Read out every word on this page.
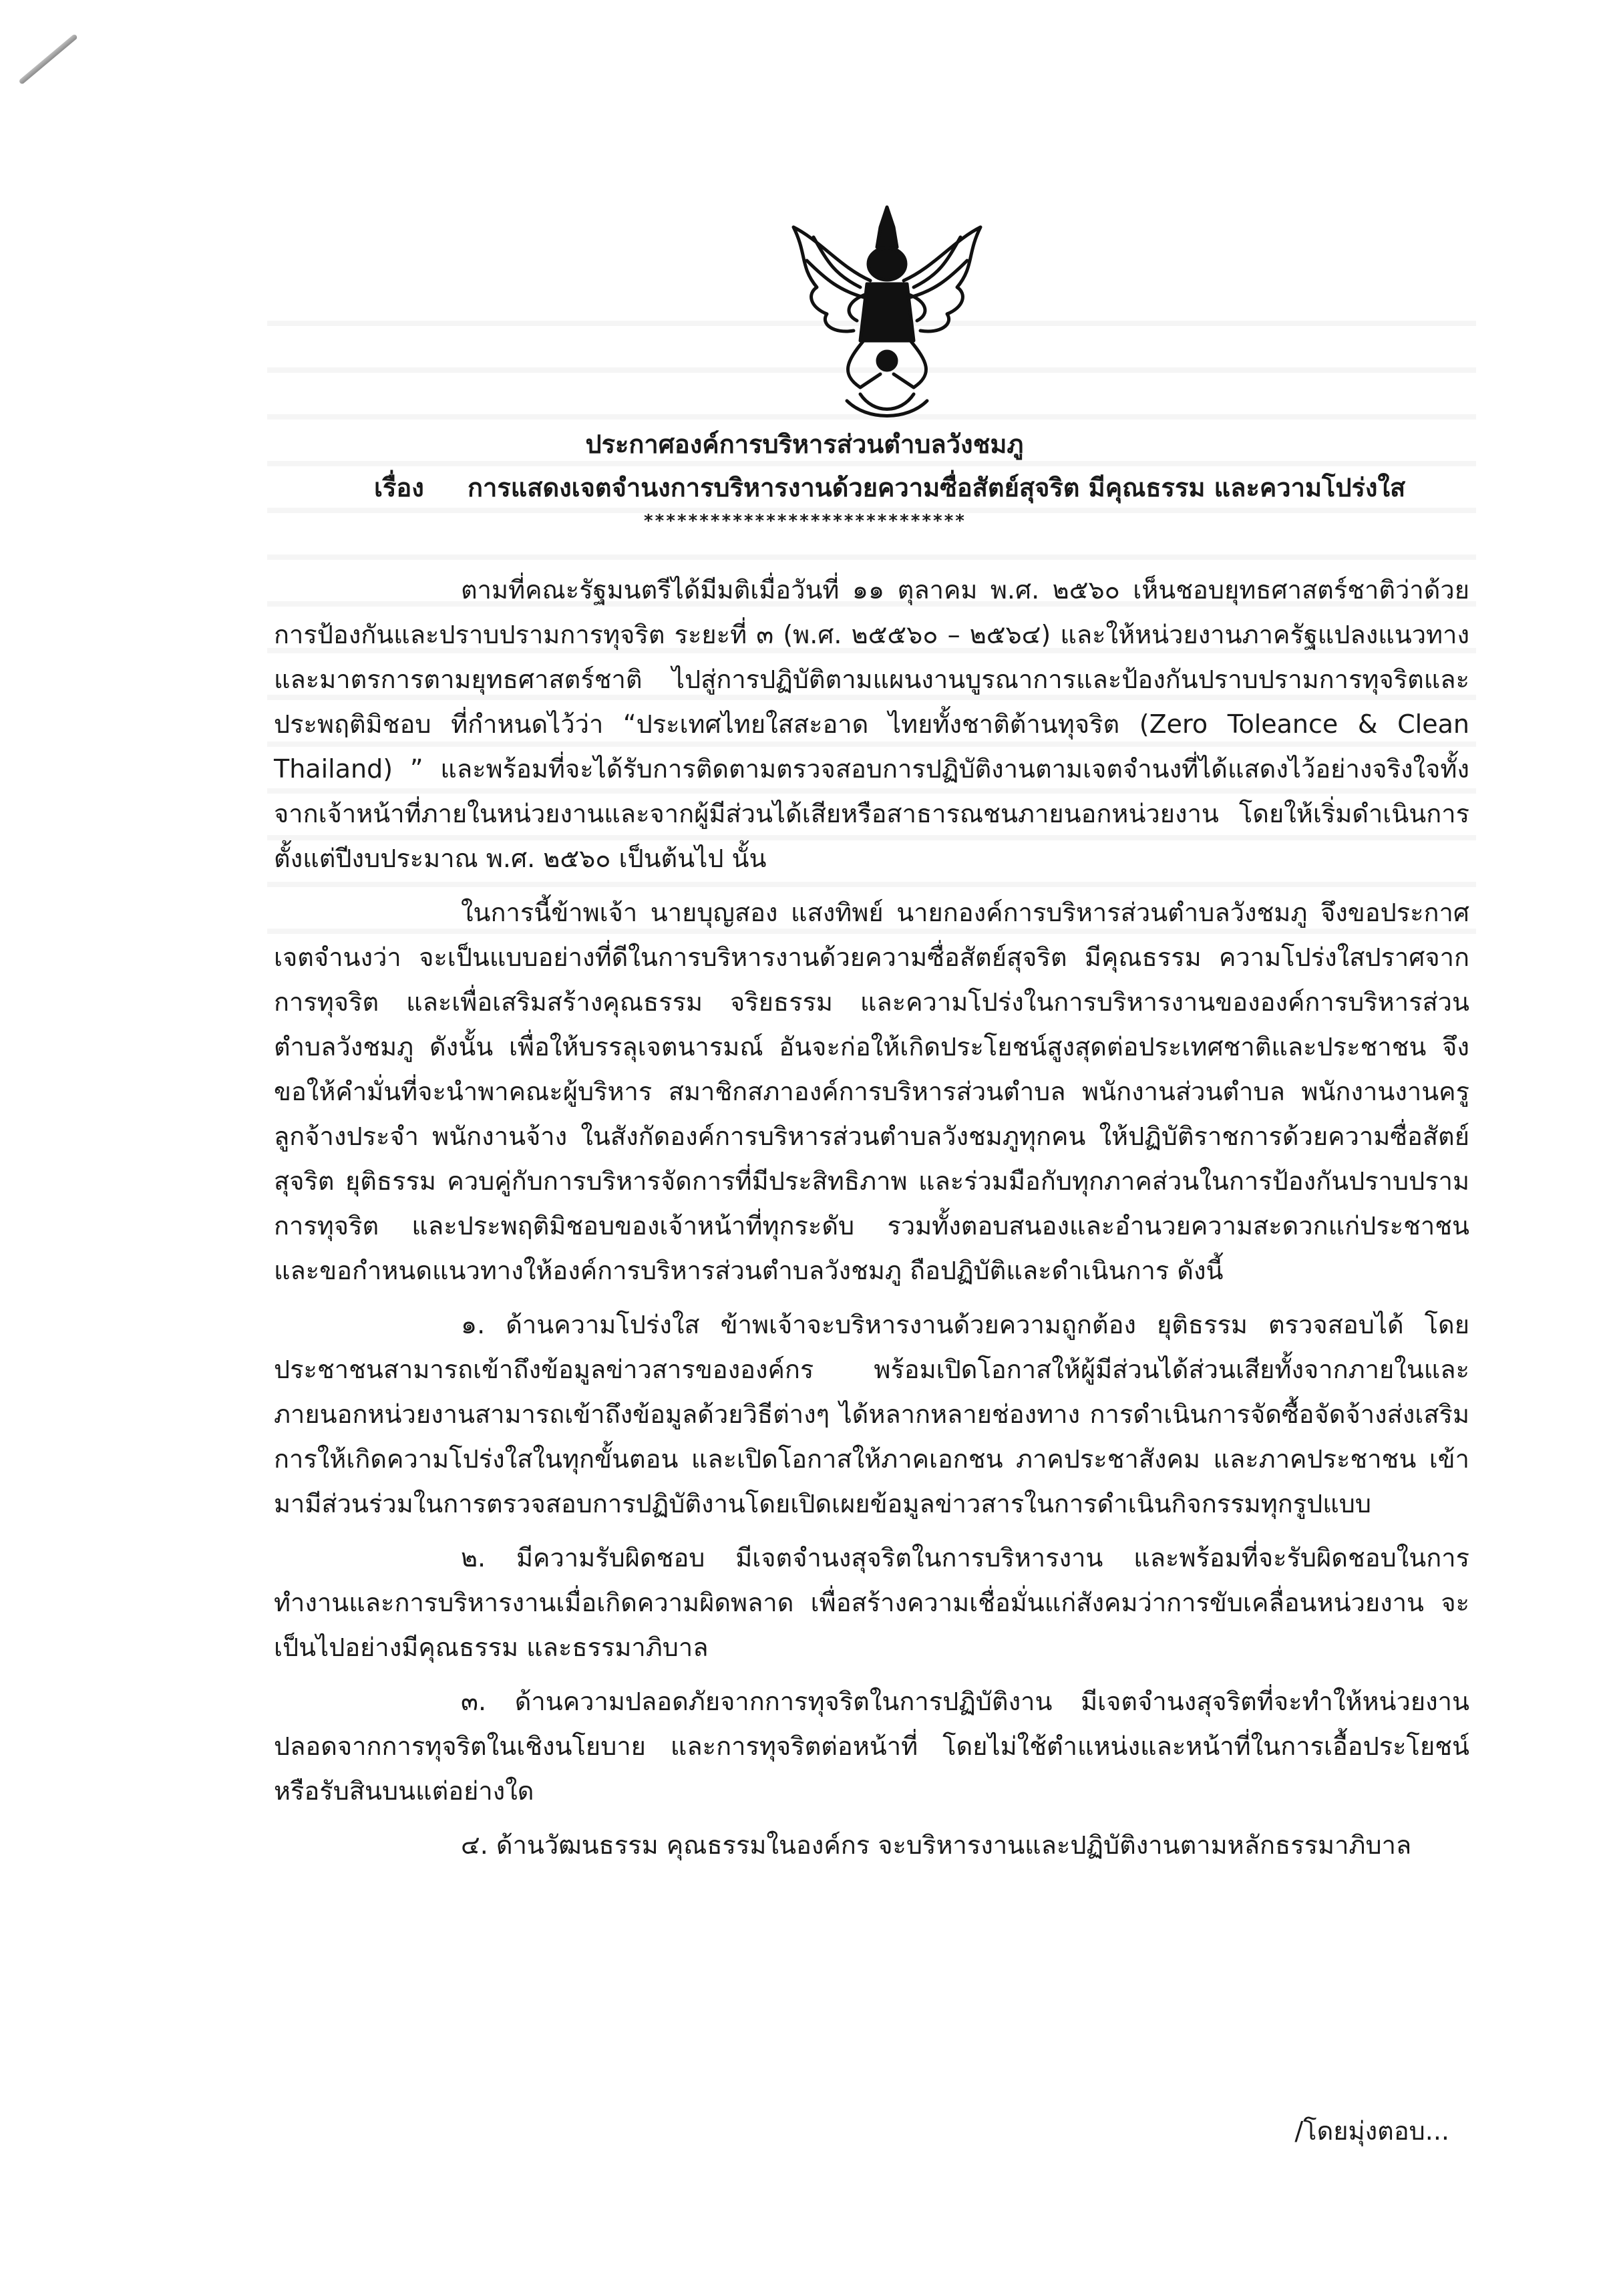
ประกาศองค์การบริหารส่วนตำบลวังชมภู
เรื่อง การแสดงเจตจำนงการบริหารงานด้วยความซื่อสัตย์สุจริต มีคุณธรรม และความโปร่งใส
*****************************

ตามที่คณะรัฐมนตรีได้มีมติเมื่อวันที่ ๑๑ ตุลาคม พ.ศ. ๒๕๖๐ เห็นชอบยุทธศาสตร์ชาติว่าด้วยการป้องกันและปราบปรามการทุจริต ระยะที่ ๓ (พ.ศ. ๒๕๕๖๐ – ๒๕๖๔) และให้หน่วยงานภาครัฐแปลงแนวทางและมาตรการตามยุทธศาสตร์ชาติ ไปสู่การปฏิบัติตามแผนงานบูรณาการและป้องกันปราบปรามการทุจริตและประพฤติมิชอบ ที่กำหนดไว้ว่า “ประเทศไทยใสสะอาด ไทยทั้งชาติต้านทุจริต (Zero Toleance & Clean Thailand) ” และพร้อมที่จะได้รับการติดตามตรวจสอบการปฏิบัติงานตามเจตจำนงที่ได้แสดงไว้อย่างจริงใจทั้งจากเจ้าหน้าที่ภายในหน่วยงานและจากผู้มีส่วนได้เสียหรือสาธารณชนภายนอกหน่วยงาน โดยให้เริ่มดำเนินการตั้งแต่ปีงบประมาณ พ.ศ. ๒๕๖๐ เป็นต้นไป นั้น

ในการนี้ข้าพเจ้า นายบุญสอง แสงทิพย์ นายกองค์การบริหารส่วนตำบลวังชมภู จึงขอประกาศเจตจำนงว่า จะเป็นแบบอย่างที่ดีในการบริหารงานด้วยความซื่อสัตย์สุจริต มีคุณธรรม ความโปร่งใสปราศจากการทุจริต และเพื่อเสริมสร้างคุณธรรม จริยธรรม และความโปร่งในการบริหารงานขององค์การบริหารส่วนตำบลวังชมภู ดังนั้น เพื่อให้บรรลุเจตนารมณ์ อันจะก่อให้เกิดประโยชน์สูงสุดต่อประเทศชาติและประชาชน จึงขอให้คำมั่นที่จะนำพาคณะผู้บริหาร สมาชิกสภาองค์การบริหารส่วนตำบล พนักงานส่วนตำบล พนักงานงานครู ลูกจ้างประจำ พนักงานจ้าง ในสังกัดองค์การบริหารส่วนตำบลวังชมภูทุกคน ให้ปฏิบัติราชการด้วยความซื่อสัตย์ สุจริต ยุติธรรม ควบคู่กับการบริหารจัดการที่มีประสิทธิภาพ และร่วมมือกับทุกภาคส่วนในการป้องกันปราบปรามการทุจริต และประพฤติมิชอบของเจ้าหน้าที่ทุกระดับ รวมทั้งตอบสนองและอำนวยความสะดวกแก่ประชาชน และขอกำหนดแนวทางให้องค์การบริหารส่วนตำบลวังชมภู ถือปฏิบัติและดำเนินการ ดังนี้

๑. ด้านความโปร่งใส ข้าพเจ้าจะบริหารงานด้วยความถูกต้อง ยุติธรรม ตรวจสอบได้ โดยประชาชนสามารถเข้าถึงข้อมูลข่าวสารขององค์กร พร้อมเปิดโอกาสให้ผู้มีส่วนได้ส่วนเสียทั้งจากภายในและภายนอกหน่วยงานสามารถเข้าถึงข้อมูลด้วยวิธีต่างๆ ได้หลากหลายช่องทาง การดำเนินการจัดซื้อจัดจ้างส่งเสริมการให้เกิดความโปร่งใสในทุกขั้นตอน และเปิดโอกาสให้ภาคเอกชน ภาคประชาสังคม และภาคประชาชน เข้ามามีส่วนร่วมในการตรวจสอบการปฏิบัติงานโดยเปิดเผยข้อมูลข่าวสารในการดำเนินกิจกรรมทุกรูปแบบ

๒. มีความรับผิดชอบ มีเจตจำนงสุจริตในการบริหารงาน และพร้อมที่จะรับผิดชอบในการทำงานและการบริหารงานเมื่อเกิดความผิดพลาด เพื่อสร้างความเชื่อมั่นแก่สังคมว่าการขับเคลื่อนหน่วยงาน จะเป็นไปอย่างมีคุณธรรม และธรรมาภิบาล

๓. ด้านความปลอดภัยจากการทุจริตในการปฏิบัติงาน มีเจตจำนงสุจริตที่จะทำให้หน่วยงานปลอดจากการทุจริตในเชิงนโยบาย และการทุจริตต่อหน้าที่ โดยไม่ใช้ตำแหน่งและหน้าที่ในการเอื้อประโยชน์หรือรับสินบนแต่อย่างใด

๔. ด้านวัฒนธรรม คุณธรรมในองค์กร จะบริหารงานและปฏิบัติงานตามหลักธรรมาภิบาล

/โดยมุ่งตอบ...
